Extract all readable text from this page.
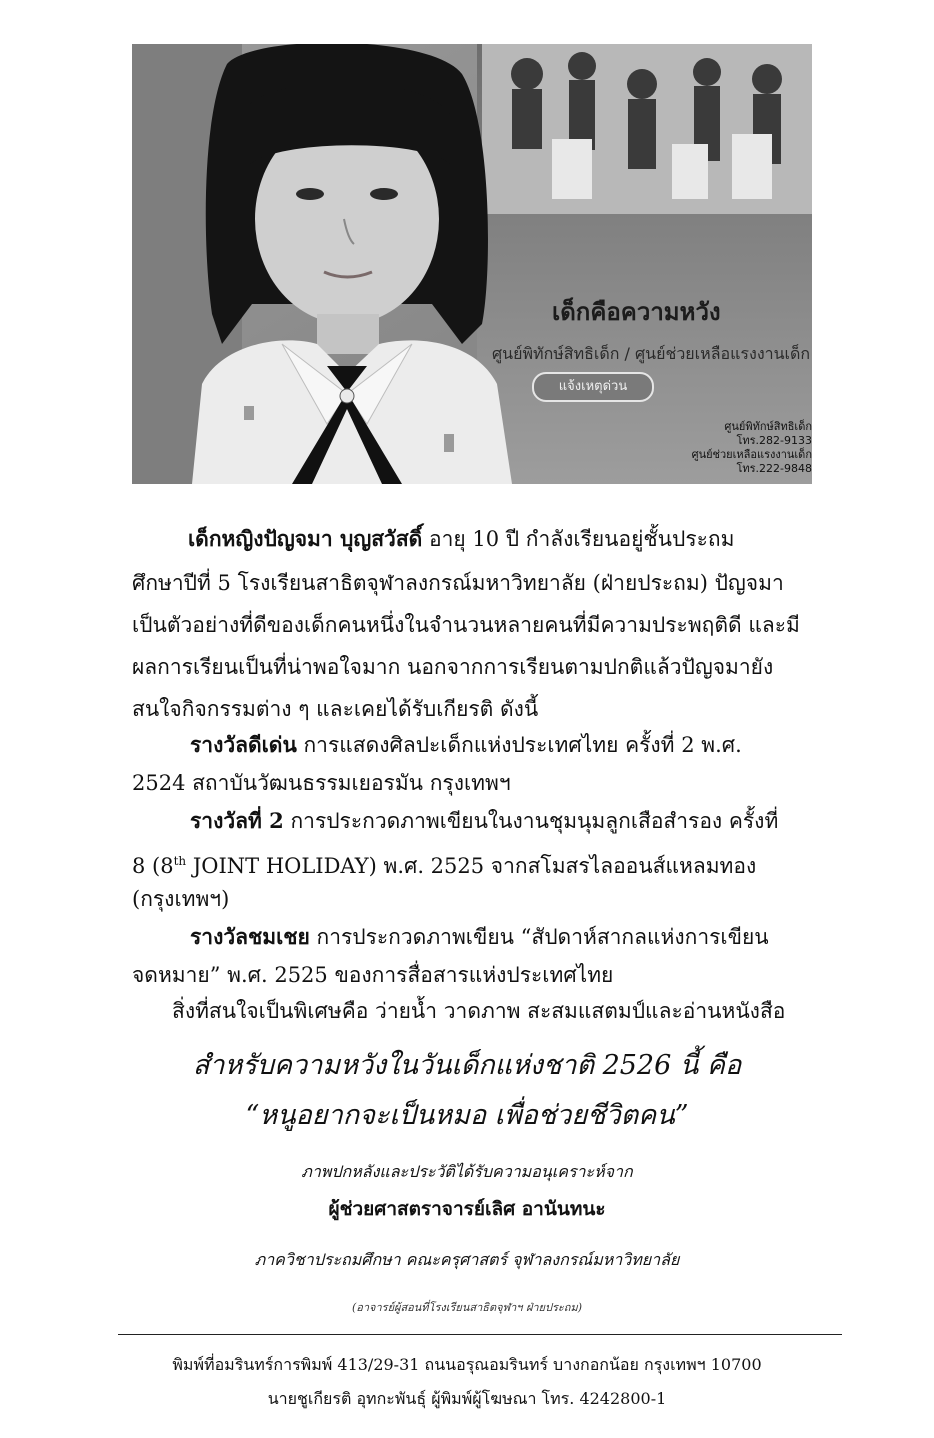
เด็กคือความหวัง
แจ้งเหตุด่วน
ศูนย์พิทักษ์สิทธิเด็ก
โทร.282-9133
ศูนย์ช่วยเหลือแรงงานเด็ก
โทร.222-9848
ศูนย์พิทักษ์สิทธิเด็ก / ศูนย์ช่วยเหลือแรงงานเด็ก
เด็กหญิงปัญจมา บุญสวัสดิ์ อายุ 10 ปี กำลังเรียนอยู่ชั้นประถม
ศึกษาปีที่ 5 โรงเรียนสาธิตจุฬาลงกรณ์มหาวิทยาลัย (ฝ่ายประถม) ปัญจมา
เป็นตัวอย่างที่ดีของเด็กคนหนึ่งในจำนวนหลายคนที่มีความประพฤติดี และมี
ผลการเรียนเป็นที่น่าพอใจมาก นอกจากการเรียนตามปกติแล้วปัญจมายัง
สนใจกิจกรรมต่าง ๆ และเคยได้รับเกียรติ ดังนี้
รางวัลดีเด่น การแสดงศิลปะเด็กแห่งประเทศไทย ครั้งที่ 2 พ.ศ.
2524 สถาบันวัฒนธรรมเยอรมัน กรุงเทพฯ
รางวัลที่ 2 การประกวดภาพเขียนในงานชุมนุมลูกเสือสำรอง ครั้งที่
8 (8th JOINT HOLIDAY) พ.ศ. 2525 จากสโมสรไลออนส์แหลมทอง
(กรุงเทพฯ)
รางวัลชมเชย การประกวดภาพเขียน “สัปดาห์สากลแห่งการเขียน
จดหมาย” พ.ศ. 2525 ของการสื่อสารแห่งประเทศไทย
สิ่งที่สนใจเป็นพิเศษคือ ว่ายน้ำ วาดภาพ สะสมแสตมป์และอ่านหนังสือ
สำหรับความหวังในวันเด็กแห่งชาติ 2526 นี้ คือ
“หนูอยากจะเป็นหมอ เพื่อช่วยชีวิตคน”
ภาพปกหลังและประวัติได้รับความอนุเคราะห์จาก
ผู้ช่วยศาสตราจารย์เลิศ อานันทนะ
ภาควิชาประถมศึกษา คณะครุศาสตร์ จุฬาลงกรณ์มหาวิทยาลัย
(อาจารย์ผู้สอนที่โรงเรียนสาธิตจุฬาฯ ฝ่ายประถม)
พิมพ์ที่อมรินทร์การพิมพ์ 413/29-31 ถนนอรุณอมรินทร์ บางกอกน้อย กรุงเทพฯ 10700
นายชูเกียรติ อุทกะพันธุ์ ผู้พิมพ์ผู้โฆษณา โทร. 4242800-1
